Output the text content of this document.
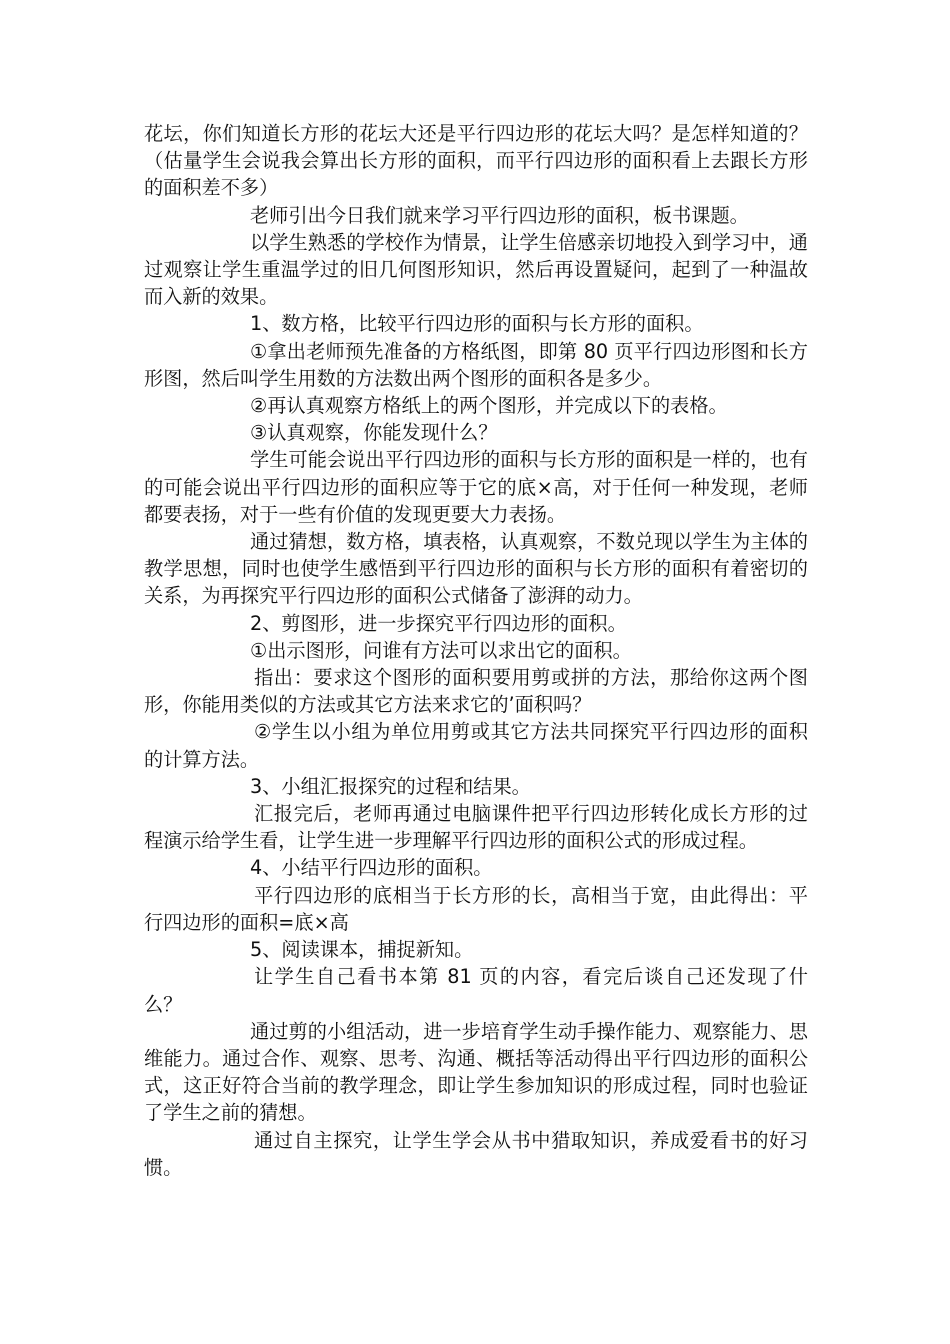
花坛，你们知道长方形的花坛大还是平行四边形的花坛大吗？是怎样知道的？（估量学生会说我会算出长方形的面积，而平行四边形的面积看上去跟长方形的面积差不多）

老师引出今日我们就来学习平行四边形的面积，板书课题。

以学生熟悉的学校作为情景，让学生倍感亲切地投入到学习中，通过观察让学生重温学过的旧几何图形知识，然后再设置疑问，起到了一种温故而入新的效果。

1、数方格，比较平行四边形的面积与长方形的面积。

①拿出老师预先准备的方格纸图，即第 80 页平行四边形图和长方形图，然后叫学生用数的方法数出两个图形的面积各是多少。

②再认真观察方格纸上的两个图形，并完成以下的表格。

③认真观察，你能发现什么？

学生可能会说出平行四边形的面积与长方形的面积是一样的，也有的可能会说出平行四边形的面积应等于它的底×高，对于任何一种发现，老师都要表扬，对于一些有价值的发现更要大力表扬。

通过猜想，数方格，填表格，认真观察，不数兑现以学生为主体的教学思想，同时也使学生感悟到平行四边形的面积与长方形的面积有着密切的关系，为再探究平行四边形的面积公式储备了澎湃的动力。

2、剪图形，进一步探究平行四边形的面积。

①出示图形，问谁有方法可以求出它的面积。

指出：要求这个图形的面积要用剪或拼的方法，那给你这两个图形，你能用类似的方法或其它方法来求它的’面积吗？

②学生以小组为单位用剪或其它方法共同探究平行四边形的面积的计算方法。

3、小组汇报探究的过程和结果。

汇报完后，老师再通过电脑课件把平行四边形转化成长方形的过程演示给学生看，让学生进一步理解平行四边形的面积公式的形成过程。

4、小结平行四边形的面积。

平行四边形的底相当于长方形的长，高相当于宽，由此得出：平行四边形的面积=底×高

5、阅读课本，捕捉新知。

让学生自己看书本第 81 页的内容，看完后谈自己还发现了什么？

通过剪的小组活动，进一步培育学生动手操作能力、观察能力、思维能力。通过合作、观察、思考、沟通、概括等活动得出平行四边形的面积公式，这正好符合当前的教学理念，即让学生参加知识的形成过程，同时也验证了学生之前的猜想。

通过自主探究，让学生学会从书中猎取知识，养成爱看书的好习惯。
